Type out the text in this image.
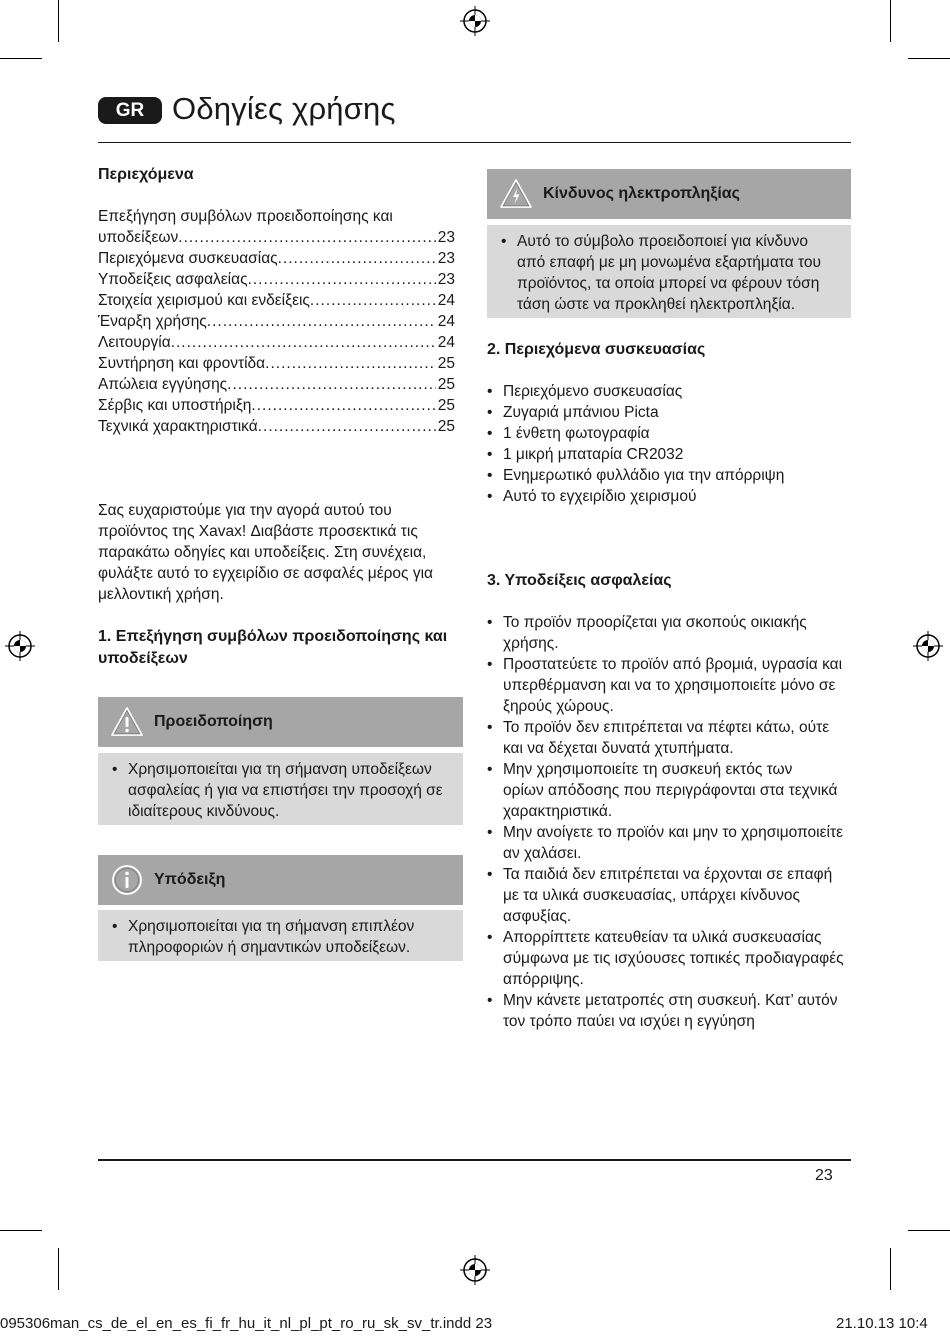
GR Οδηγίες χρήσης
Περιεχόμενα
Επεξήγηση συμβόλων προειδοποίησης και
υποδείξεων .....	23
Περιεχόμενα συσκευασίας .....	23
Υποδείξεις ασφαλείας .....	23
Στοιχεία χειρισμού και ενδείξεις .....	24
Έναρξη χρήσης .....	24
Λειτουργία .....	24
Συντήρηση και φροντίδα .....	25
Απώλεια εγγύησης .....	25
Σέρβις και υποστήριξη .....	25
Τεχνικά χαρακτηριστικά .....	25
Σας ευχαριστούμε για την αγορά αυτού του
προϊόντος της Xavax! Διαβάστε προσεκτικά τις
παρακάτω οδηγίες και υποδείξεις. Στη συνέχεια,
φυλάξτε αυτό το εγχειρίδιο σε ασφαλές μέρος για
μελλοντική χρήση.
1. Επεξήγηση συμβόλων προειδοποίησης και
υποδείξεων
Προειδοποίηση
• Χρησιμοποιείται για τη σήμανση υποδείξεων
ασφαλείας ή για να επιστήσει την προσοχή σε
ιδιαίτερους κινδύνους.
Υπόδειξη
• Χρησιμοποιείται για τη σήμανση επιπλέον
πληροφοριών ή σημαντικών υποδείξεων.
Κίνδυνος ηλεκτροπληξίας
• Αυτό το σύμβολο προειδοποιεί για κίνδυνο
από επαφή με μη μονωμένα εξαρτήματα του
προϊόντος, τα οποία μπορεί να φέρουν τόση
τάση ώστε να προκληθεί ηλεκτροπληξία.
2. Περιεχόμενα συσκευασίας
• Περιεχόμενο συσκευασίας
• Ζυγαριά μπάνιου Picta
• 1 ένθετη φωτογραφία
• 1 μικρή μπαταρία CR2032
• Ενημερωτικό φυλλάδιο για την απόρριψη
• Αυτό το εγχειρίδιο χειρισμού
3. Υποδείξεις ασφαλείας
• Το προϊόν προορίζεται για σκοπούς οικιακής
χρήσης.
• Προστατεύετε το προϊόν από βρομιά, υγρασία και
υπερθέρμανση και να το χρησιμοποιείτε μόνο σε
ξηρούς χώρους.
• Το προϊόν δεν επιτρέπεται να πέφτει κάτω, ούτε
και να δέχεται δυνατά χτυπήματα.
• Μην χρησιμοποιείτε τη συσκευή εκτός των
ορίων απόδοσης που περιγράφονται στα τεχνικά
χαρακτηριστικά.
• Μην ανοίγετε το προϊόν και μην το χρησιμοποιείτε
αν χαλάσει.
• Τα παιδιά δεν επιτρέπεται να έρχονται σε επαφή
με τα υλικά συσκευασίας, υπάρχει κίνδυνος
ασφυξίας.
• Απορρίπτετε κατευθείαν τα υλικά συσκευασίας
σύμφωνα με τις ισχύουσες τοπικές προδιαγραφές
απόρριψης.
• Μην κάνετε μετατροπές στη συσκευή. Κατ’ αυτόν
τον τρόπο παύει να ισχύει η εγγύηση
23
095306man_cs_de_el_en_es_fi_fr_hu_it_nl_pl_pt_ro_ru_sk_sv_tr.indd 23	21.10.13 10:4
